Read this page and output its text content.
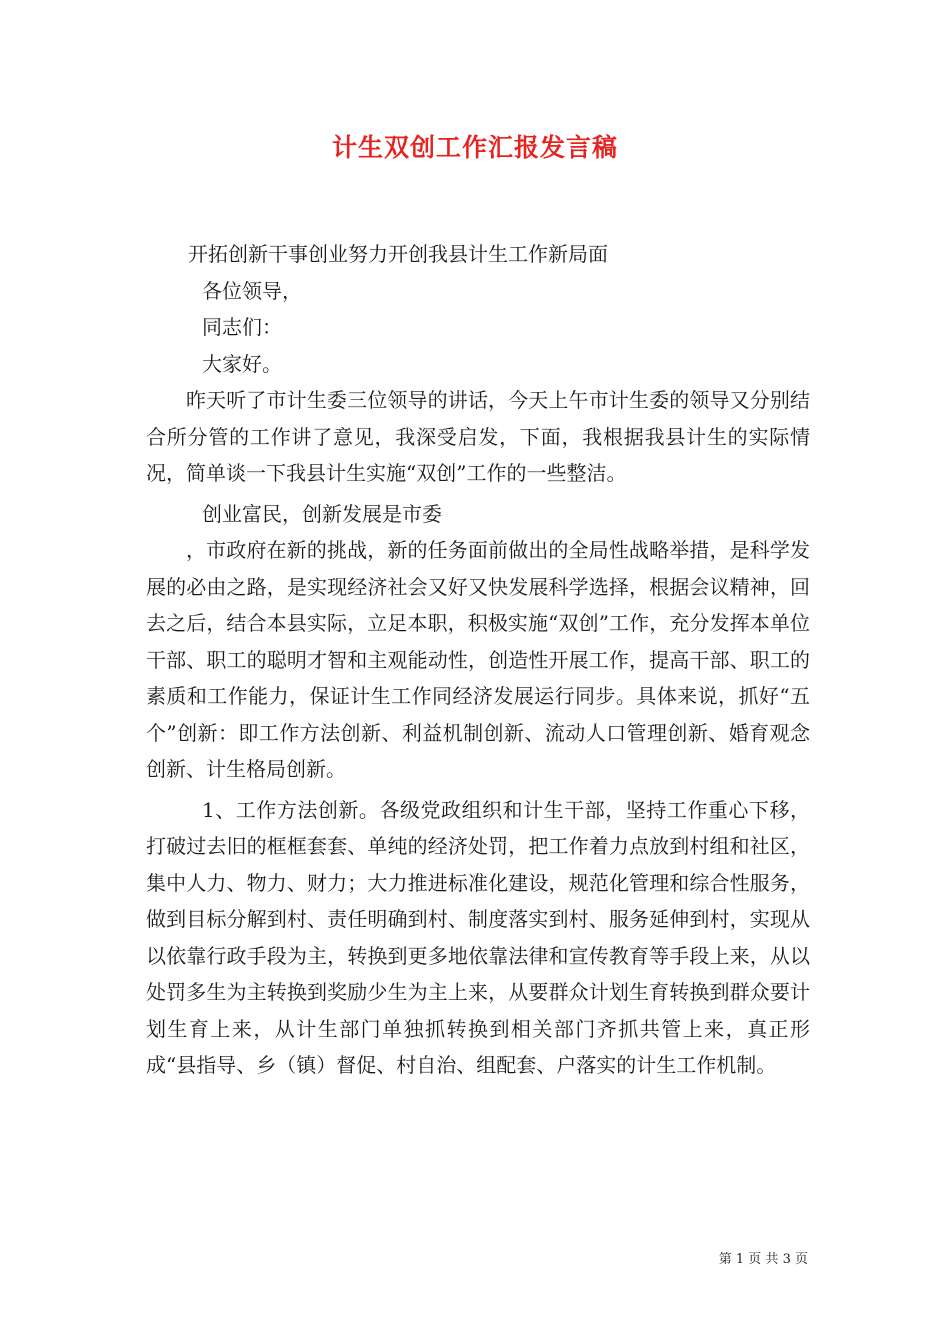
计生双创工作汇报发言稿

开拓创新干事创业努力开创我县计生工作新局面

各位领导，

同志们：

大家好。

昨天听了市计生委三位领导的讲话，今天上午市计生委的领导又分别结合所分管的工作讲了意见，我深受启发，下面，我根据我县计生的实际情况，简单谈一下我县计生实施“双创”工作的一些整洁。

创业富民，创新发展是市委

，市政府在新的挑战，新的任务面前做出的全局性战略举措，是科学发展的必由之路，是实现经济社会又好又快发展科学选择，根据会议精神，回去之后，结合本县实际，立足本职，积极实施“双创”工作，充分发挥本单位干部、职工的聪明才智和主观能动性，创造性开展工作，提高干部、职工的素质和工作能力，保证计生工作同经济发展运行同步。具体来说，抓好“五个”创新：即工作方法创新、利益机制创新、流动人口管理创新、婚育观念创新、计生格局创新。

1、工作方法创新。各级党政组织和计生干部，坚持工作重心下移，打破过去旧的框框套套、单纯的经济处罚，把工作着力点放到村组和社区，集中人力、物力、财力；大力推进标准化建设，规范化管理和综合性服务，做到目标分解到村、责任明确到村、制度落实到村、服务延伸到村，实现从以依靠行政手段为主，转换到更多地依靠法律和宣传教育等手段上来，从以处罚多生为主转换到奖励少生为主上来，从要群众计划生育转换到群众要计划生育上来，从计生部门单独抓转换到相关部门齐抓共管上来，真正形成“县指导、乡（镇）督促、村自治、组配套、户落实的计生工作机制。

第 1 页 共 3 页
